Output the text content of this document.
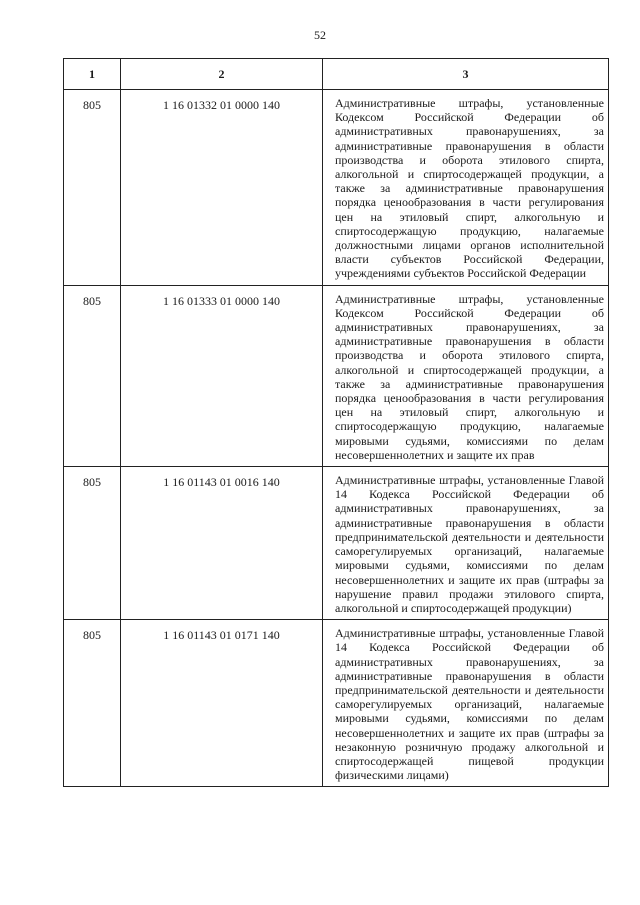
52
1	2	3
805	1 16 01332 01 0000 140	Административные штрафы, установленные Кодексом Российской Федерации об административных правонарушениях, за административные правонарушения в области производства и оборота этилового спирта, алкогольной и спиртосодержащей продукции, а также за административные правонарушения порядка ценообразования в части регулирования цен на этиловый спирт, алкогольную и спиртосодержащую продукцию, налагаемые должностными лицами органов исполнительной власти субъектов Российской Федерации, учреждениями субъектов Российской Федерации
805	1 16 01333 01 0000 140	Административные штрафы, установленные Кодексом Российской Федерации об административных правонарушениях, за административные правонарушения в области производства и оборота этилового спирта, алкогольной и спиртосодержащей продукции, а также за административные правонарушения порядка ценообразования в части регулирования цен на этиловый спирт, алкогольную и спиртосодержащую продукцию, налагаемые мировыми судьями, комиссиями по делам несовершеннолетних и защите их прав
805	1 16 01143 01 0016 140	Административные штрафы, установленные Главой 14 Кодекса Российской Федерации об административных правонарушениях, за административные правонарушения в области предпринимательской деятельности и деятельности саморегулируемых организаций, налагаемые мировыми судьями, комиссиями по делам несовершеннолетних и защите их прав (штрафы за нарушение правил продажи этилового спирта, алкогольной и спиртосодержащей продукции)
805	1 16 01143 01 0171 140	Административные штрафы, установленные Главой 14 Кодекса Российской Федерации об административных правонарушениях, за административные правонарушения в области предпринимательской деятельности и деятельности саморегулируемых организаций, налагаемые мировыми судьями, комиссиями по делам несовершеннолетних и защите их прав (штрафы за незаконную розничную продажу алкогольной и спиртосодержащей пищевой продукции физическими лицами)
